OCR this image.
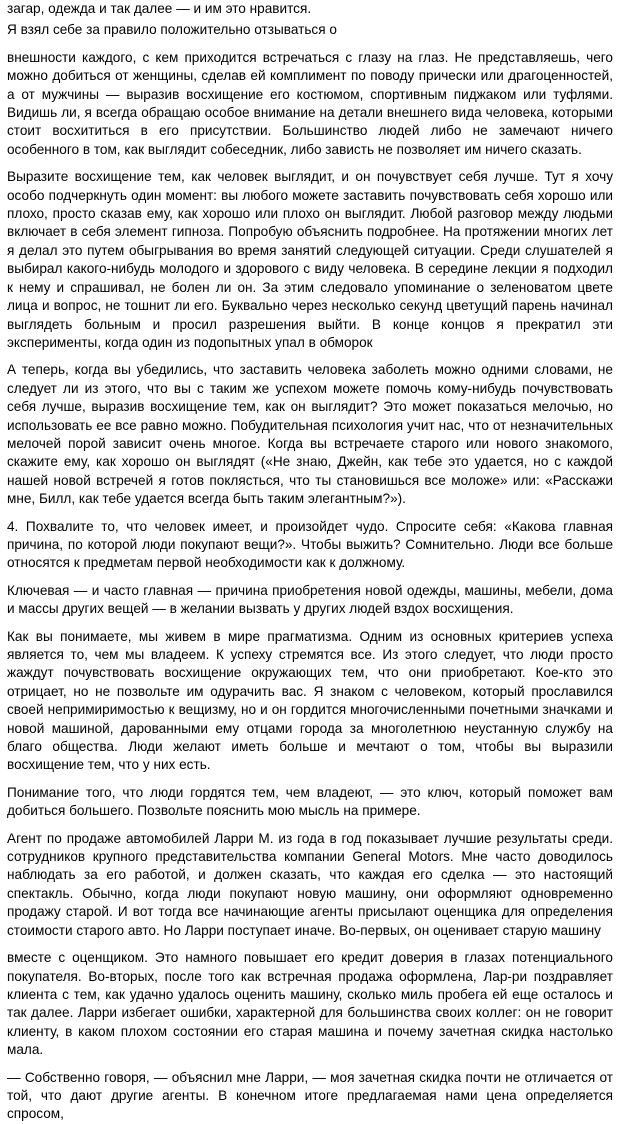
загар, одежда и так далее — и им это нравится.

Я взял себе за правило положительно отзываться о

внешности каждого, с кем приходится встречаться с глазу на глаз. Не представляешь, чего можно добиться от женщины, сделав ей комплимент по поводу прически или драгоценностей, а от мужчины — выразив восхищение его костюмом, спортивным пиджаком или туфлями. Видишь ли, я всегда обращаю особое внимание на детали внешнего вида человека, которыми стоит восхититься в его присутствии. Большинство людей либо не замечают ничего особенного в том, как выглядит собеседник, либо зависть не позволяет им ничего сказать.

Выразите восхищение тем, как человек выглядит, и он почувствует себя лучше. Тут я хочу особо подчеркнуть один момент: вы любого можете заставить почувствовать себя хорошо или плохо, просто сказав ему, как хорошо или плохо он выглядит. Любой разговор между людьми включает в себя элемент гипноза. Попробую объяснить подробнее. На протяжении многих лет я делал это путем обыгрывания во время занятий следующей ситуации. Среди слушателей я выбирал какого-нибудь молодого и здорового с виду человека. В середине лекции я подходил к нему и спрашивал, не болен ли он. За этим следовало упоминание о зеленоватом цвете лица и вопрос, не тошнит ли его. Буквально через несколько секунд цветущий парень начинал выглядеть больным и просил разрешения выйти. В конце концов я прекратил эти эксперименты, когда один из подопытных упал в обморок

А теперь, когда вы убедились, что заставить человека заболеть можно одними словами, не следует ли из этого, что вы с таким же успехом можете помочь кому-нибудь почувствовать себя лучше, выразив восхищение тем, как он выглядит? Это может показаться мелочью, но использовать ее все равно можно. Побудительная психология учит нас, что от незначительных мелочей порой зависит очень многое. Когда вы встречаете старого или нового знакомого, скажите ему, как хорошо он выглядят («Не знаю, Джейн, как тебе это удается, но с каждой нашей новой встречей я готов поклясться, что ты становишься все моложе» или: «Расскажи мне, Билл, как тебе удается всегда быть таким элегантным?»).

4. Похвалите то, что человек имеет, и произойдет чудо. Спросите себя: «Какова главная причина, по которой люди покупают вещи?». Чтобы выжить? Сомнительно. Люди все больше относятся к предметам первой необходимости как к должному.

Ключевая — и часто главная — причина приобретения новой одежды, машины, мебели, дома и массы других вещей — в желании вызвать у других людей вздох восхищения.

Как вы понимаете, мы живем в мире прагматизма. Одним из основных критериев успеха является то, чем мы владеем. К успеху стремятся все. Из этого следует, что люди просто жаждут почувствовать восхищение окружающих тем, что они приобретают. Кое-кто это отрицает, но не позвольте им одурачить вас. Я знаком с человеком, который прославился своей непримиримостью к вещизму, но и он гордится многочисленными почетными значками и новой машиной, дарованными ему отцами города за многолетнюю неустанную службу на благо общества. Люди желают иметь больше и мечтают о том, чтобы вы выразили восхищение тем, что у них есть.

Понимание того, что люди гордятся тем, чем владеют, — это ключ, который поможет вам добиться большего. Позвольте пояснить мою мысль на примере.

Агент по продаже автомобилей Ларри М. из года в год показывает лучшие результаты среди. сотрудников крупного представительства компании General Motors. Мне часто доводилось наблюдать за его работой, и должен сказать, что каждая его сделка — это настоящий спектакль. Обычно, когда люди покупают новую машину, они оформляют одновременно продажу старой. И вот тогда все начинающие агенты присылают оценщика для определения стоимости старого авто. Но Ларри поступает иначе. Во-первых, он оценивает старую машину

вместе с оценщиком. Это намного повышает его кредит доверия в глазах потенциального покупателя. Во-вторых, после того как встречная продажа оформлена, Лар-ри поздравляет клиента с тем, как удачно удалось оценить машину, сколько миль пробега ей еще осталось и так далее. Ларри избегает ошибки, характерной для большинства своих коллег: он не говорит клиенту, в каком плохом состоянии его старая машина и почему зачетная скидка настолько мала.

— Собственно говоря, — объяснил мне Ларри, — моя зачетная скидка почти не отличается от той, что дают другие агенты. В конечном итоге предлагаемая нами цена определяется спросом,
